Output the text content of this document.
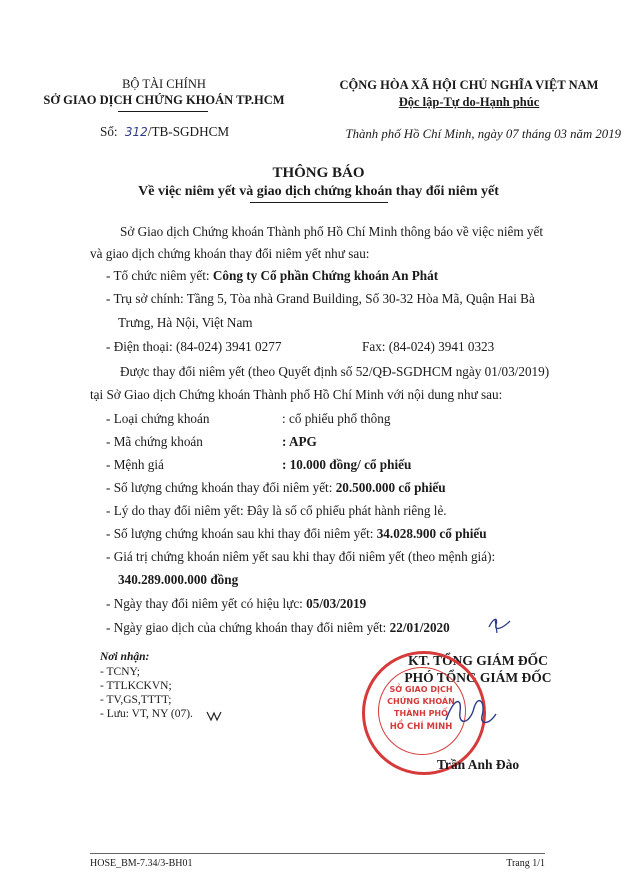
BỘ TÀI CHÍNH
SỞ GIAO DỊCH CHỨNG KHOÁN TP.HCM
Số: 312/TB-SGDHCM
CỘNG HÒA XÃ HỘI CHỦ NGHĨA VIỆT NAM
Độc lập-Tự do-Hạnh phúc
Thành phố Hồ Chí Minh, ngày 07 tháng 03 năm 2019
THÔNG BÁO
Về việc niêm yết và giao dịch chứng khoán thay đổi niêm yết
Sở Giao dịch Chứng khoán Thành phố Hồ Chí Minh thông báo về việc niêm yết
và giao dịch chứng khoán thay đổi niêm yết như sau:
- Tổ chức niêm yết: Công ty Cổ phần Chứng khoán An Phát
- Trụ sở chính: Tầng 5, Tòa nhà Grand Building, Số 30-32 Hòa Mã, Quận Hai Bà
Trưng, Hà Nội, Việt Nam
- Điện thoại: (84-024) 3941 0277	Fax: (84-024) 3941 0323
Được thay đổi niêm yết (theo Quyết định số 52/QĐ-SGDHCM ngày 01/03/2019)
tại Sở Giao dịch Chứng khoán Thành phố Hồ Chí Minh với nội dung như sau:
- Loại chứng khoán	: cổ phiếu phổ thông
- Mã chứng khoán	: APG
- Mệnh giá	: 10.000 đồng/ cổ phiếu
- Số lượng chứng khoán thay đổi niêm yết: 20.500.000 cổ phiếu
- Lý do thay đổi niêm yết: Đây là số cổ phiếu phát hành riêng lẻ.
- Số lượng chứng khoán sau khi thay đổi niêm yết: 34.028.900 cổ phiếu
- Giá trị chứng khoán niêm yết sau khi thay đổi niêm yết (theo mệnh giá):
340.289.000.000 đồng
- Ngày thay đổi niêm yết có hiệu lực: 05/03/2019
- Ngày giao dịch của chứng khoán thay đổi niêm yết: 22/01/2020
Nơi nhận:
- TCNY;
- TTLKCKVN;
- TV,GS,TTTT;
- Lưu: VT, NY (07).
KT. TỔNG GIÁM ĐỐC
PHÓ TỔNG GIÁM ĐỐC
SỞ GIAO DỊCH
CHỨNG KHOÁN
THÀNH PHỐ
HỒ CHÍ MINH
Trần Anh Đào
HOSE_BM-7.34/3-BH01	Trang 1/1
